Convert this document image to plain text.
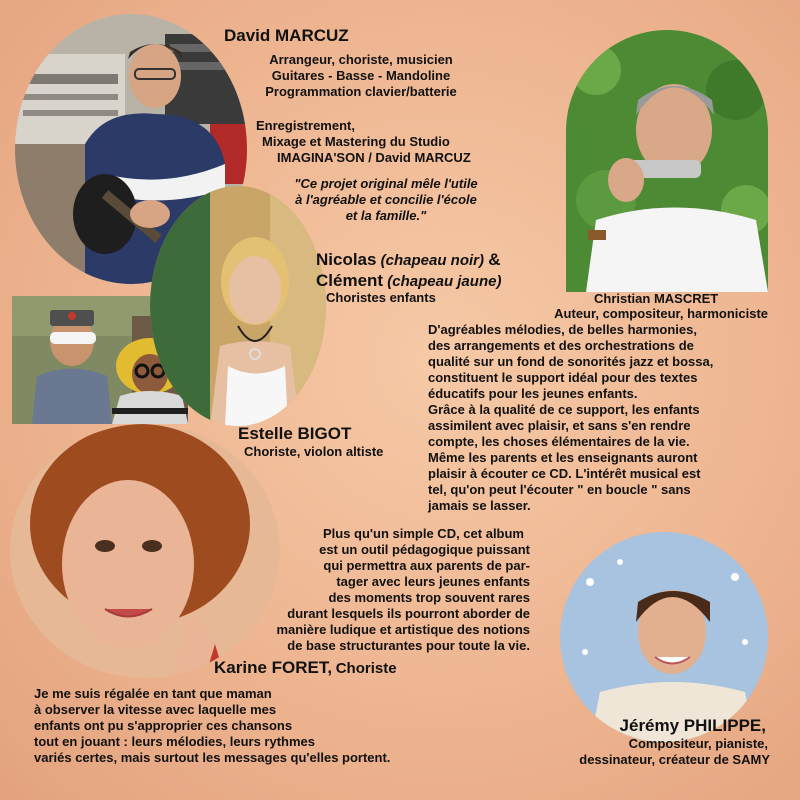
David MARCUZ
Arrangeur, choriste, musicien
Guitares - Basse - Mandoline
Programmation clavier/batterie
Enregistrement,
Mixage et Mastering du Studio
IMAGINA'SON / David MARCUZ
"Ce projet original mêle l'utile
à l'agréable et concilie l'école
et la famille."
Nicolas (chapeau noir) &
Clément (chapeau jaune)
Choristes enfants	Christian MASCRET
Auteur, compositeur, harmoniciste
D'agréables mélodies, de belles harmonies,
des arrangements et des orchestrations de
qualité sur un fond de sonorités jazz et bossa,
constituent le support idéal pour des textes
éducatifs pour les jeunes enfants.
Grâce à la qualité de ce support, les enfants
assimilent avec plaisir, et sans s'en rendre
compte, les choses élémentaires de la vie.
Même les parents et les enseignants auront
plaisir à écouter ce CD. L'intérêt musical est
tel, qu'on peut l'écouter " en boucle " sans
jamais se lasser.
Estelle BIGOT
Choriste, violon altiste
Plus qu'un simple CD, cet album
est un outil pédagogique puissant
qui permettra aux parents de par-
tager avec leurs jeunes enfants
des moments trop souvent rares
durant lesquels ils pourront aborder de
manière ludique et artistique des notions
de base structurantes pour toute la vie.
Karine FORET, Choriste
Je me suis régalée en tant que maman
à observer la vitesse avec laquelle mes
enfants ont pu s'approprier ces chansons
tout en jouant : leurs mélodies, leurs rythmes
variés certes, mais surtout les messages qu'elles portent.
Jérémy PHILIPPE,
Compositeur, pianiste,
dessinateur, créateur de SAMY
